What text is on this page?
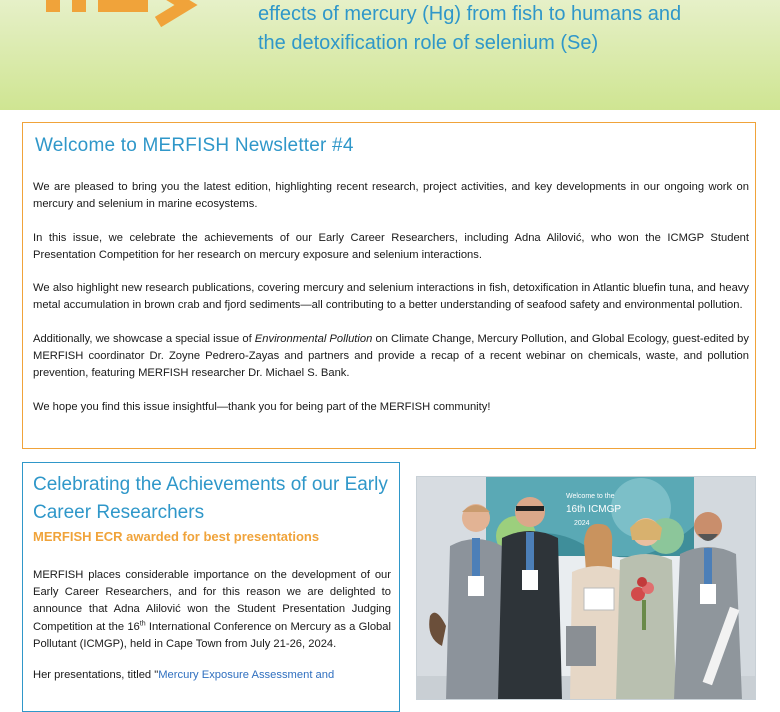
effects of mercury (Hg) from fish to humans and
the detoxification role of selenium (Se)

Welcome to MERFISH Newsletter #4

We are pleased to bring you the latest edition, highlighting recent research, project activities, and key developments in our ongoing work on mercury and selenium in marine ecosystems.

In this issue, we celebrate the achievements of our Early Career Researchers, including Adna Alilović, who won the ICMGP Student Presentation Competition for her research on mercury exposure and selenium interactions.

We also highlight new research publications, covering mercury and selenium interactions in fish, detoxification in Atlantic bluefin tuna, and heavy metal accumulation in brown crab and fjord sediments—all contributing to a better understanding of seafood safety and environmental pollution.

Additionally, we showcase a special issue of Environmental Pollution on Climate Change, Mercury Pollution, and Global Ecology, guest-edited by MERFISH coordinator Dr. Zoyne Pedrero-Zayas and partners and provide a recap of a recent webinar on chemicals, waste, and pollution prevention, featuring MERFISH researcher Dr. Michael S. Bank.

We hope you find this issue insightful—thank you for being part of the MERFISH community!

Celebrating the Achievements of our Early Career Researchers
MERFISH ECR awarded for best presentations

MERFISH places considerable importance on the development of our Early Career Researchers, and for this reason we are delighted to announce that Adna Alilović won the Student Presentation Judging Competition at the 16th International Conference on Mercury as a Global Pollutant (ICMGP), held in Cape Town from July 21-26, 2024.

Her presentations, titled "Mercury Exposure Assessment and

Welcome to the
16th ICMGP
2024
